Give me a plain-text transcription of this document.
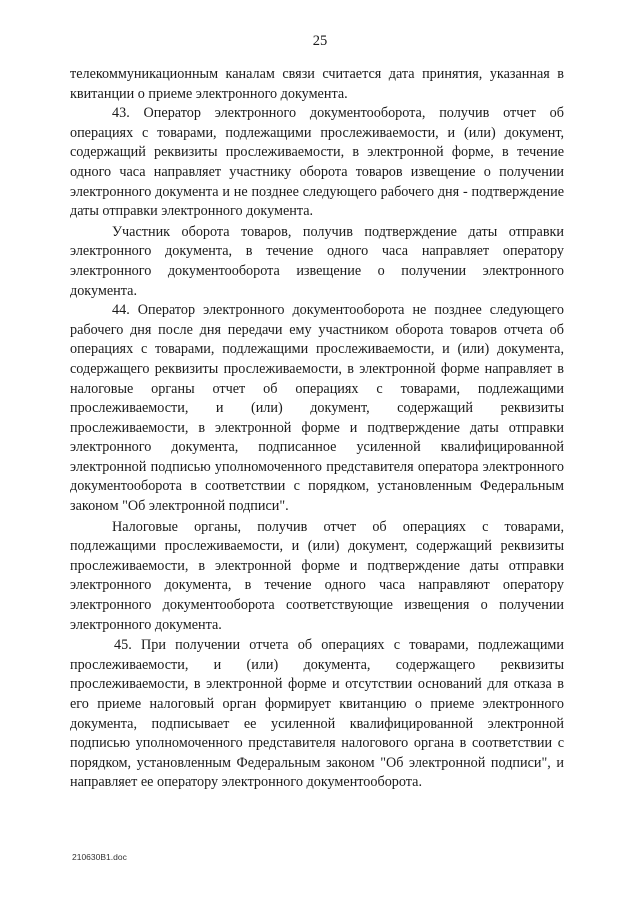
25

телекоммуникационным каналам связи считается дата принятия, указанная в квитанции о приеме электронного документа.

43. Оператор электронного документооборота, получив отчет об операциях с товарами, подлежащими прослеживаемости, и (или) документ, содержащий реквизиты прослеживаемости, в электронной форме, в течение одного часа направляет участнику оборота товаров извещение о получении электронного документа и не позднее следующего рабочего дня - подтверждение даты отправки электронного документа.

Участник оборота товаров, получив подтверждение даты отправки электронного документа, в течение одного часа направляет оператору электронного документооборота извещение о получении электронного документа.

44. Оператор электронного документооборота не позднее следующего рабочего дня после дня передачи ему участником оборота товаров отчета об операциях с товарами, подлежащими прослеживаемости, и (или) документа, содержащего реквизиты прослеживаемости, в электронной форме направляет в налоговые органы отчет об операциях с товарами, подлежащими прослеживаемости, и (или) документ, содержащий реквизиты прослеживаемости, в электронной форме и подтверждение даты отправки электронного документа, подписанное усиленной квалифицированной электронной подписью уполномоченного представителя оператора электронного документооборота в соответствии с порядком, установленным Федеральным законом "Об электронной подписи".

Налоговые органы, получив отчет об операциях с товарами, подлежащими прослеживаемости, и (или) документ, содержащий реквизиты прослеживаемости, в электронной форме и подтверждение даты отправки электронного документа, в течение одного часа направляют оператору электронного документооборота соответствующие извещения о получении электронного документа.

45. При получении отчета об операциях с товарами, подлежащими прослеживаемости, и (или) документа, содержащего реквизиты прослеживаемости, в электронной форме и отсутствии оснований для отказа в его приеме налоговый орган формирует квитанцию о приеме электронного документа, подписывает ее усиленной квалифицированной электронной подписью уполномоченного представителя налогового органа в соответствии с порядком, установленным Федеральным законом "Об электронной подписи", и направляет ее оператору электронного документооборота.

210630B1.doc
